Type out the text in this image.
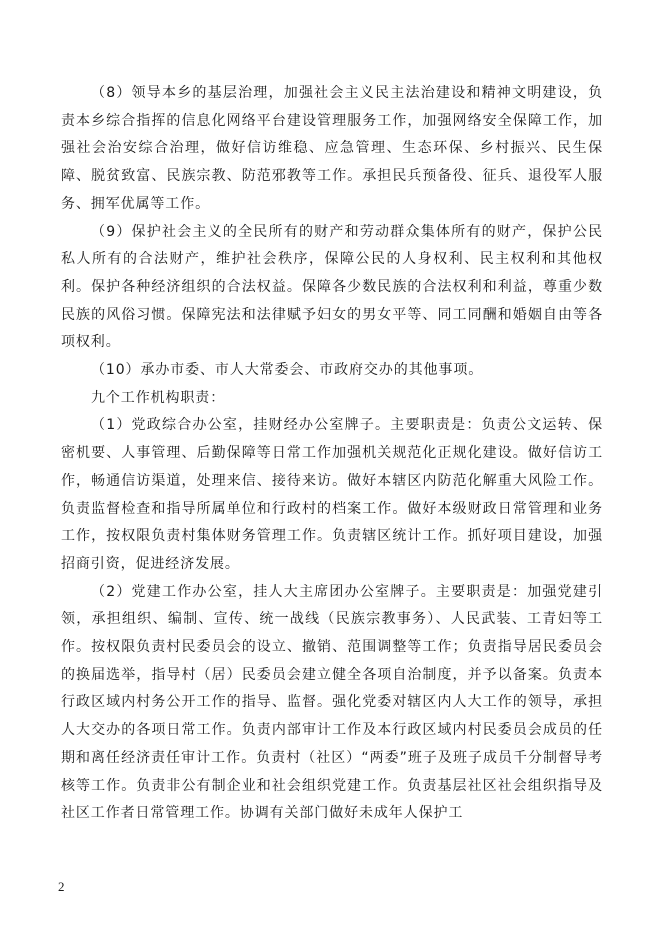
（8）领导本乡的基层治理，加强社会主义民主法治建设和精神文明建设，负责本乡综合指挥的信息化网络平台建设管理服务工作，加强网络安全保障工作，加强社会治安综合治理，做好信访维稳、应急管理、生态环保、乡村振兴、民生保障、脱贫致富、民族宗教、防范邪教等工作。承担民兵预备役、征兵、退役军人服务、拥军优属等工作。

（9）保护社会主义的全民所有的财产和劳动群众集体所有的财产，保护公民私人所有的合法财产，维护社会秩序，保障公民的人身权利、民主权利和其他权利。保护各种经济组织的合法权益。保障各少数民族的合法权利和利益，尊重少数民族的风俗习惯。保障宪法和法律赋予妇女的男女平等、同工同酬和婚姻自由等各项权利。

（10）承办市委、市人大常委会、市政府交办的其他事项。

九个工作机构职责：

（1）党政综合办公室，挂财经办公室牌子。主要职责是：负责公文运转、保密机要、人事管理、后勤保障等日常工作加强机关规范化正规化建设。做好信访工作，畅通信访渠道，处理来信、接待来访。做好本辖区内防范化解重大风险工作。负责监督检查和指导所属单位和行政村的档案工作。做好本级财政日常管理和业务工作，按权限负责村集体财务管理工作。负责辖区统计工作。抓好项目建设，加强招商引资，促进经济发展。

（2）党建工作办公室，挂人大主席团办公室牌子。主要职责是：加强党建引领，承担组织、编制、宣传、统一战线（民族宗教事务）、人民武装、工青妇等工作。按权限负责村民委员会的设立、撤销、范围调整等工作；负责指导居民委员会的换届选举，指导村（居）民委员会建立健全各项自治制度，并予以备案。负责本行政区域内村务公开工作的指导、监督。强化党委对辖区内人大工作的领导，承担人大交办的各项日常工作。负责内部审计工作及本行政区域内村民委员会成员的任期和离任经济责任审计工作。负责村（社区）“两委”班子及班子成员千分制督导考核等工作。负责非公有制企业和社会组织党建工作。负责基层社区社会组织指导及社区工作者日常管理工作。协调有关部门做好未成年人保护工

2
